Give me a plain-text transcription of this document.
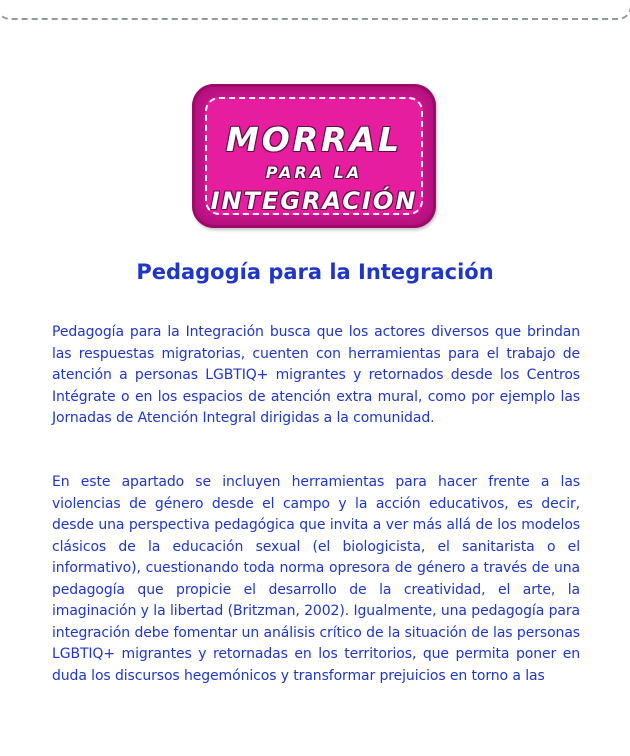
MORRAL
PARA LA
INTEGRACIÓN
Pedagogía para la Integración

Pedagogía para la Integración busca que los actores diversos que brindan las respuestas migratorias, cuenten con herramientas para el trabajo de atención a personas LGBTIQ+ migrantes y retornados desde los Centros Intégrate o en los espacios de atención extra mural, como por ejemplo las Jornadas de Atención Integral dirigidas a la comunidad.

En este apartado se incluyen herramientas para hacer frente a las violencias de género desde el campo y la acción educativos, es decir, desde una perspectiva pedagógica que invita a ver más allá de los modelos clásicos de la educación sexual (el biologicista, el sanitarista o el informativo), cuestionando toda norma opresora de género a través de una pedagogía que propicie el desarrollo de la creatividad, el arte, la imaginación y la libertad (Britzman, 2002). Igualmente, una pedagogía para integración debe fomentar un análisis crítico de la situación de las personas LGBTIQ+ migrantes y retornadas en los territorios, que permita poner en duda los discursos hegemónicos y transformar prejuicios en torno a las
